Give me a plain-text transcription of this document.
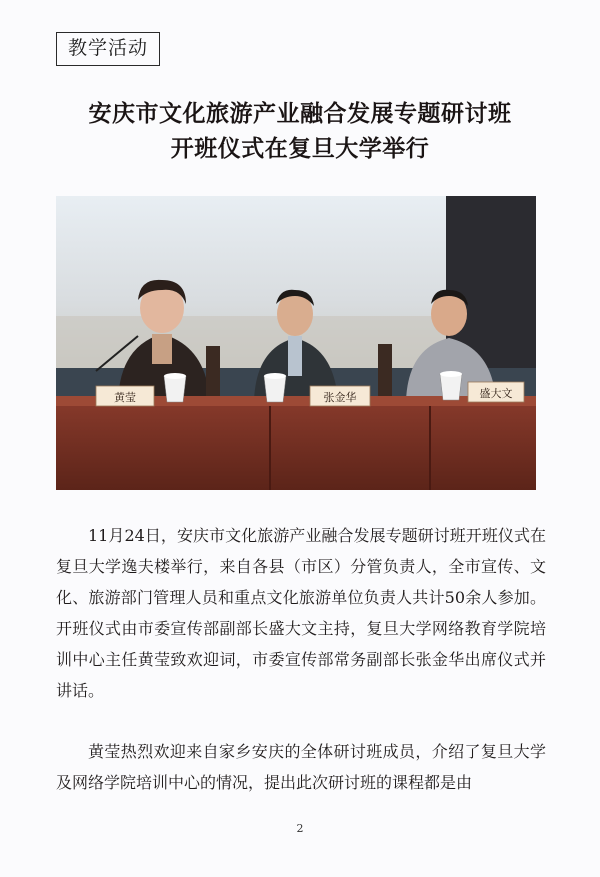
教学活动
安庆市文化旅游产业融合发展专题研讨班
开班仪式在复旦大学举行
黄莹	张金华	盛大文

11月24日，安庆市文化旅游产业融合发展专题研讨班开班仪式在复旦大学逸夫楼举行，来自各县（市区）分管负责人，全市宣传、文化、旅游部门管理人员和重点文化旅游单位负责人共计50余人参加。开班仪式由市委宣传部副部长盛大文主持，复旦大学网络教育学院培训中心主任黄莹致欢迎词，市委宣传部常务副部长张金华出席仪式并讲话。

黄莹热烈欢迎来自家乡安庆的全体研讨班成员，介绍了复旦大学及网络学院培训中心的情况，提出此次研讨班的课程都是由

2
